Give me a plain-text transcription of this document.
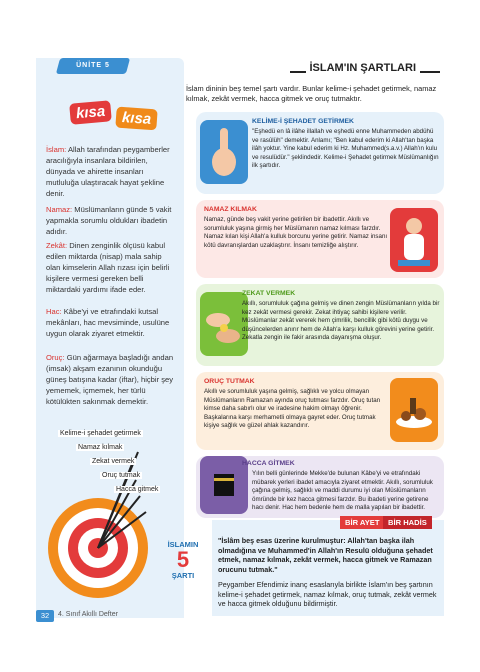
ÜNİTE 5
kısa	kısa

İslam: Allah tarafından peygamberler aracılığıyla insanlara bildirilen, dünyada ve ahirette insanları mutluluğa ulaştıracak hayat şekline denir.

Namaz: Müslümanların günde 5 vakit yapmakla sorumlu oldukları ibadetin adıdır.

Zekât: Dinen zenginlik ölçüsü kabul edilen miktarda (nisap) mala sahip olan kimselerin Allah rızası için belirli kişilere vermesi gereken belli miktardaki yardımı ifade eder.

Hac: Kâbe'yi ve etrafındaki kutsal mekânları, hac mevsiminde, usulüne uygun olarak ziyaret etmektir.

Oruç: Gün ağarmaya başladığı andan (imsak) akşam ezanının okunduğu güneş batışına kadar (iftar), hiçbir şey yememek, içmemek, her türlü kötülükten sakınmak demektir.

İSLAM'IN ŞARTLARI

İslam dininin beş temel şartı vardır. Bunlar kelime-i şehadet getirmek, namaz kılmak, zekât vermek, hacca gitmek ve oruç tutmaktır.

KELİME-İ ŞEHADET GETİRMEK
"Eşhedü en lâ ilâhe illallah ve eşhedü enne Muhammeden abdühü ve rasûlüh" demektir. Anlamı; "Ben kabul ederim ki Allah'tan başka ilâh yoktur. Yine kabul ederim ki Hz. Muhammed(s.a.v.) Allah'ın kulu ve resulüdür." şeklindedir. Kelime-i Şehadet getirmek Müslümanlığın ilk şartıdır.
NAMAZ KILMAK
Namaz, günde beş vakit yerine getirilen bir ibadettir. Akıllı ve sorumluluk yaşına girmiş her Müslümanın namaz kılması farzdır. Namaz kılan kişi Allah'a kulluk borcunu yerine getirir. Namaz insanı kötü davranışlardan uzaklaştırır. İnsanı temizliğe alıştırır.
ZEKAT VERMEK
Akıllı, sorumluluk çağına gelmiş ve dinen zengin Müslümanların yılda bir kez zekât vermesi gerekir. Zekat ihtiyaç sahibi kişilere verilir. Müslümanlar zekât vererek hem çimrilik, bencillik gibi kötü duygu ve düşüncelerden anırır hem de Allah'a karşı kulluk görevini yerine getirir. Zekatla zengin ile fakir arasında dayanışma oluşur.
ORUÇ TUTMAK
Akıllı ve sorumluluk yaşına gelmiş, sağlıklı ve yolcu olmayan Müslümanların Ramazan ayında oruç tutması farzdır. Oruç tutan kimse daha sabırlı olur ve iradesine hakim olmayı öğrenir. Başkalarına karşı merhametli olmaya gayret eder. Oruç tutmak kişiye sağlık ve güzel ahlak kazandırır.
HACCA GİTMEK
Yılın belli günlerinde Mekke'de bulunan Kâbe'yi ve etrafındaki mübarek yerleri ibadet amacıyla ziyaret etmektir. Akıllı, sorumluluk çağına gelmiş, sağlıklı ve maddi durumu iyi olan Müslümanların ömründe bir kez hacca gitmesi farzdır. Bu ibadeti yerine getirene hacı denir. Hac hem bedenle hem de malla yapılan bir ibadettir.
Kelime-i şehadet getirmek
Namaz kılmak
Zekat vermek
Oruç tutmak
Hacca gitmek
İSLAMIN
5
ŞARTI
BİR AYET	BİR HADİS

"İslâm beş esas üzerine kurulmuştur: Allah'tan başka ilah olmadığına ve Muhammed'in Allah'ın Resulü olduğuna şehadet etmek, namaz kılmak, zekât vermek, hacca gitmek ve Ramazan orucunu tutmak."

Peygamber Efendimiz inanç esaslarıyla birlikte İslam'ın beş şartının kelime-i şehadet getirmek, namaz kılmak, oruç tutmak, zekât vermek ve hacca gitmek olduğunu bildirmiştir.

32	4. Sınıf Akıllı Defter
